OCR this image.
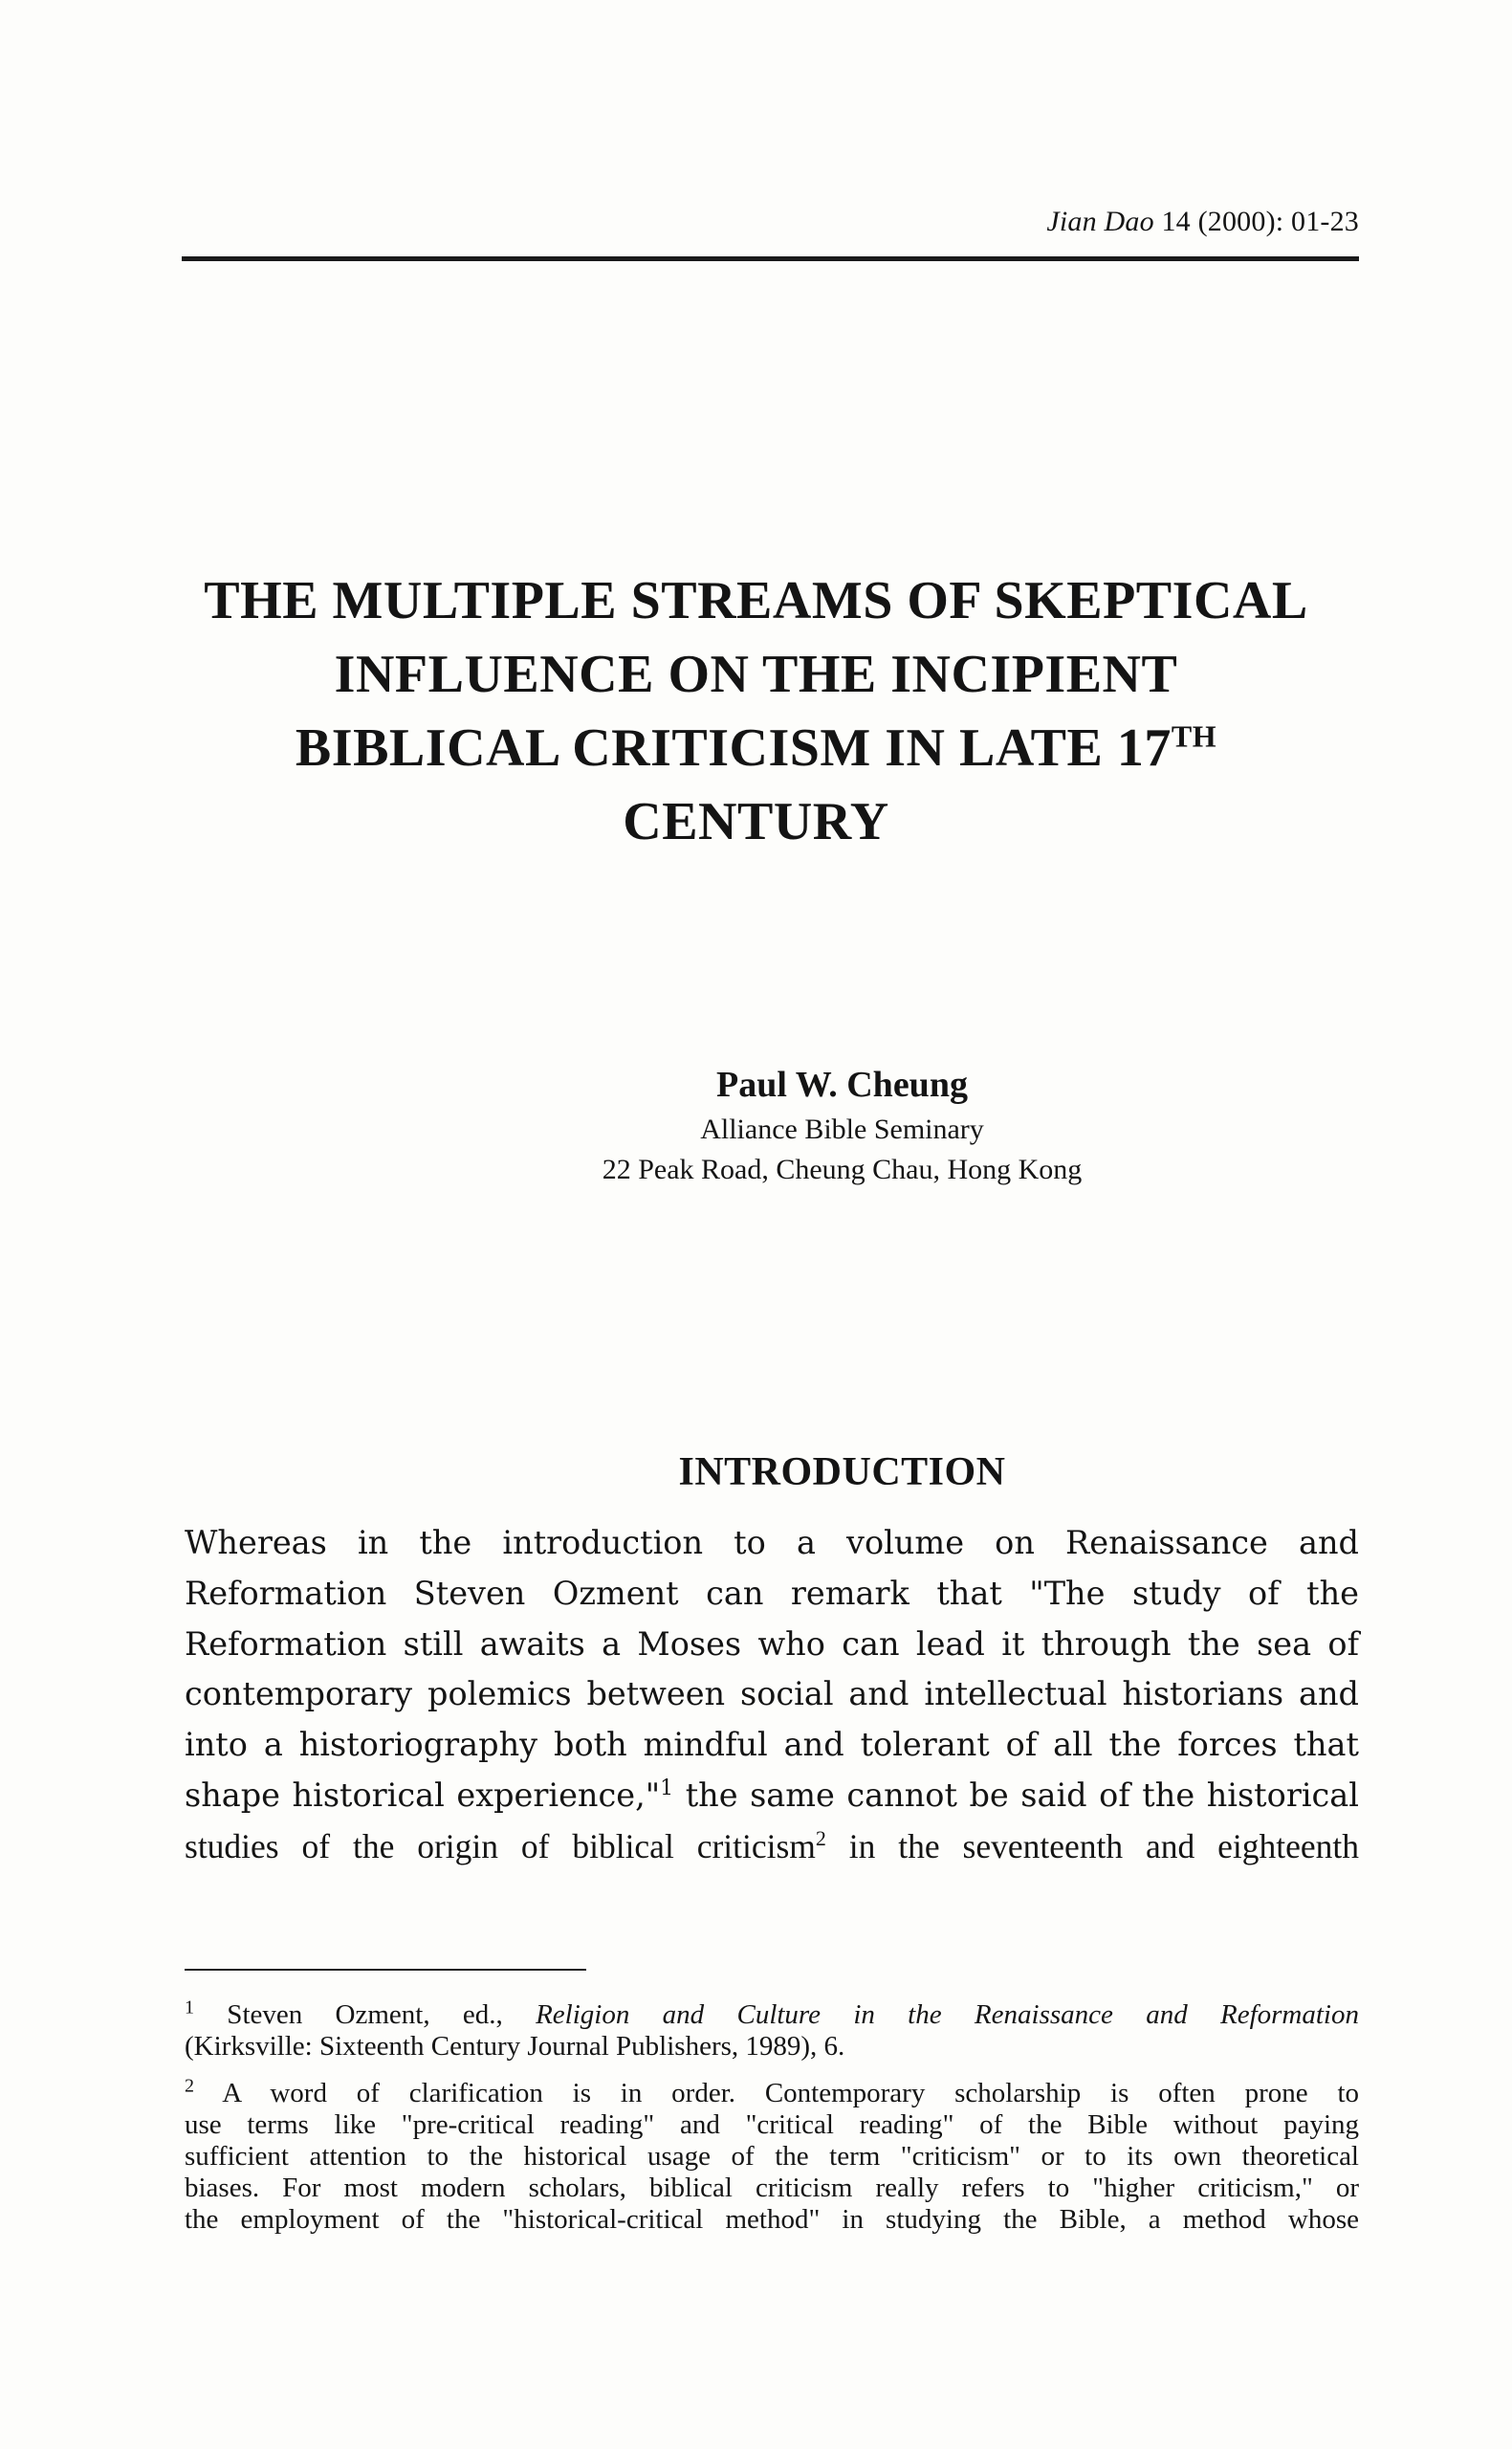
Jian Dao 14 (2000): 01-23
THE MULTIPLE STREAMS OF SKEPTICAL
INFLUENCE ON THE INCIPIENT
BIBLICAL CRITICISM IN LATE 17TH
CENTURY
Paul W. Cheung
Alliance Bible Seminary
22 Peak Road, Cheung Chau, Hong Kong
INTRODUCTION
Whereas in the introduction to a volume on Renaissance and
Reformation Steven Ozment can remark that "The study of the
Reformation still awaits a Moses who can lead it through the sea of
contemporary polemics between social and intellectual historians and
into a historiography both mindful and tolerant of all the forces that
shape historical experience,"$^1$ the same cannot be said of the historical
studies of the origin of biblical criticism$^2$ in the seventeenth and eighteenth
$^1$ Steven Ozment, ed., Religion and Culture in the Renaissance and Reformation
(Kirksville: Sixteenth Century Journal Publishers, 1989), 6.
$^2$ A word of clarification is in order. Contemporary scholarship is often prone to
use terms like "pre-critical reading" and "critical reading" of the Bible without paying
sufficient attention to the historical usage of the term "criticism" or to its own theoretical
biases. For most modern scholars, biblical criticism really refers to "higher criticism," or
the employment of the "historical-critical method" in studying the Bible, a method whose
